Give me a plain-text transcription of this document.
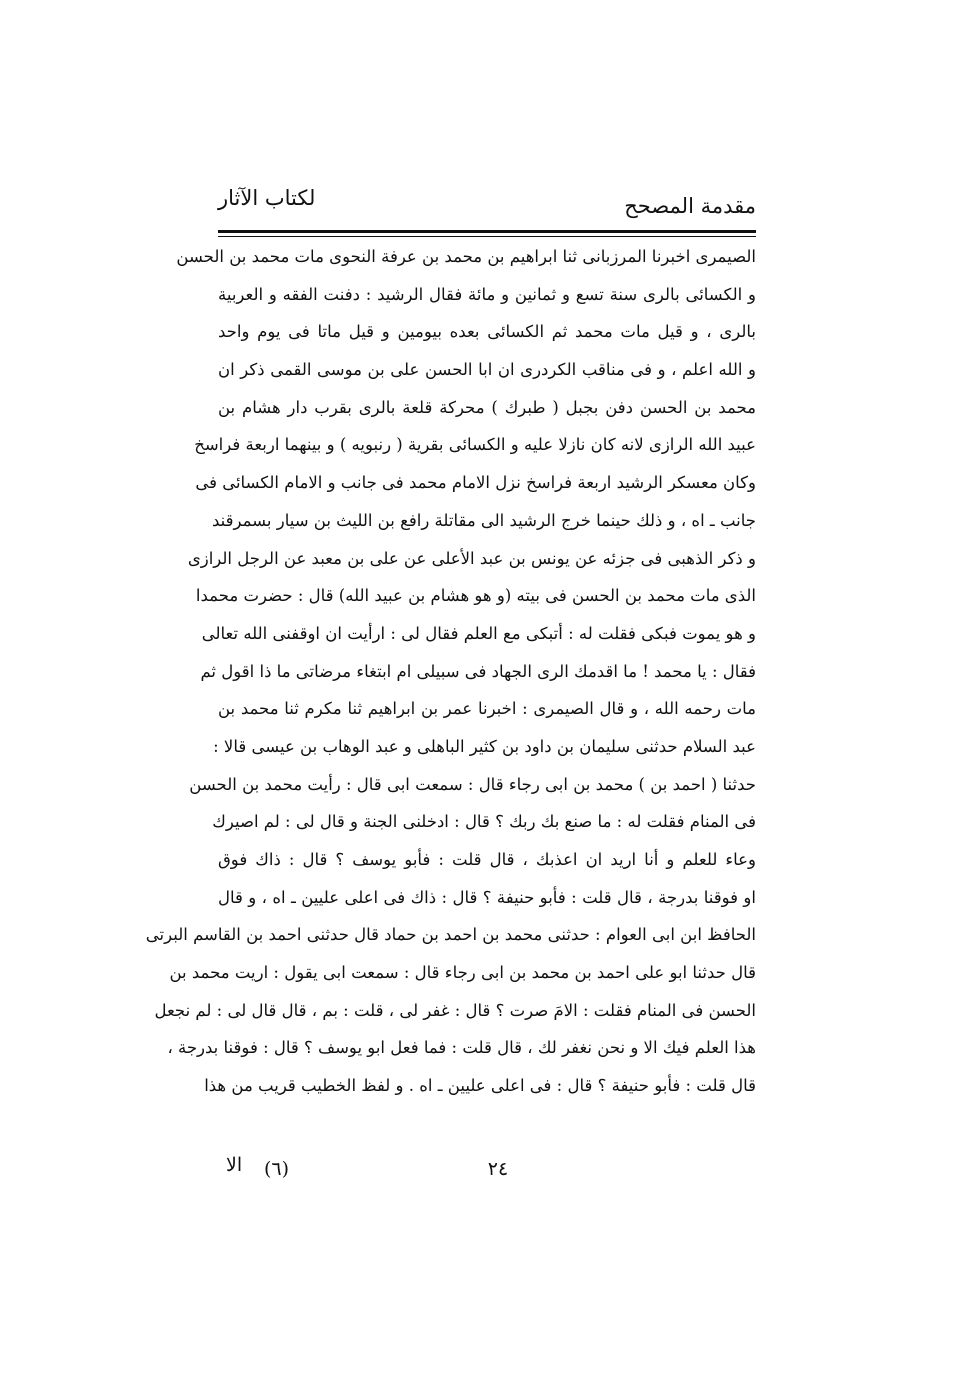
مقدمة المصحح
لكتاب الآثار
الصيمرى اخبرنا المرزبانى ثنا ابراهيم بن محمد بن عرفة النحوى مات محمد بن الحسن
و الكسائى بالرى سنة تسع و ثمانين و مائة فقال الرشيد : دفنت الفقه و العربية
بالرى ، و قيل مات محمد ثم الكسائى بعده بيومين و قيل ماتا فى يوم واحد
و الله اعلم ، و فى مناقب الكردرى ان ابا الحسن على بن موسى القمى ذكر ان
محمد بن الحسن دفن بجبل ( طبرك ) محركة قلعة بالرى بقرب دار هشام بن
عبيد الله الرازى لانه كان نازلا عليه و الكسائى بقرية ( رنبويه ) و بينهما اربعة فراسخ
وكان معسكر الرشيد اربعة فراسخ نزل الامام محمد فى جانب و الامام الكسائى فى
جانب ـ اه ، و ذلك حينما خرج الرشيد الى مقاتلة رافع بن الليث بن سيار بسمرقند
و ذكر الذهبى فى جزئه عن يونس بن عبد الأعلى عن على بن معبد عن الرجل الرازى
الذى مات محمد بن الحسن فى بيته (و هو هشام بن عبيد الله) قال : حضرت محمدا
و هو يموت فبكى فقلت له : أتبكى مع العلم فقال لى : ارأيت ان اوقفنى الله تعالى
فقال : يا محمد ! ما اقدمك الرى الجهاد فى سبيلى ام ابتغاء مرضاتى ما ذا اقول ثم
مات رحمه الله ، و قال الصيمرى : اخبرنا عمر بن ابراهيم ثنا مكرم ثنا محمد بن
عبد السلام حدثنى سليمان بن داود بن كثير الباهلى و عبد الوهاب بن عيسى قالا :
حدثنا ( احمد بن ) محمد بن ابى رجاء قال : سمعت ابى قال : رأيت محمد بن الحسن
فى المنام فقلت له : ما صنع بك ربك ؟ قال : ادخلنى الجنة و قال لى : لم اصيرك
وعاء للعلم و أنا اريد ان اعذبك ، قال قلت : فأبو يوسف ؟ قال : ذاك فوق
او فوقنا بدرجة ، قال قلت : فأبو حنيفة ؟ قال : ذاك فى اعلى عليين ـ اه ، و قال
الحافظ ابن ابى العوام : حدثنى محمد بن احمد بن حماد قال حدثنى احمد بن القاسم البرتى
قال حدثنا ابو على احمد بن محمد بن ابى رجاء قال : سمعت ابى يقول : اريت محمد بن
الحسن فى المنام فقلت : الامَ صرت ؟ قال : غفر لى ، قلت : بم ، قال قال لى : لم نجعل
هذا العلم فيك الا و نحن نغفر لك ، قال قلت : فما فعل ابو يوسف ؟ قال : فوقنا بدرجة ،
قال قلت : فأبو حنيفة ؟ قال : فى اعلى عليين ـ اه . و لفظ الخطيب قريب من هذا
٢٤
(٦)
الا
